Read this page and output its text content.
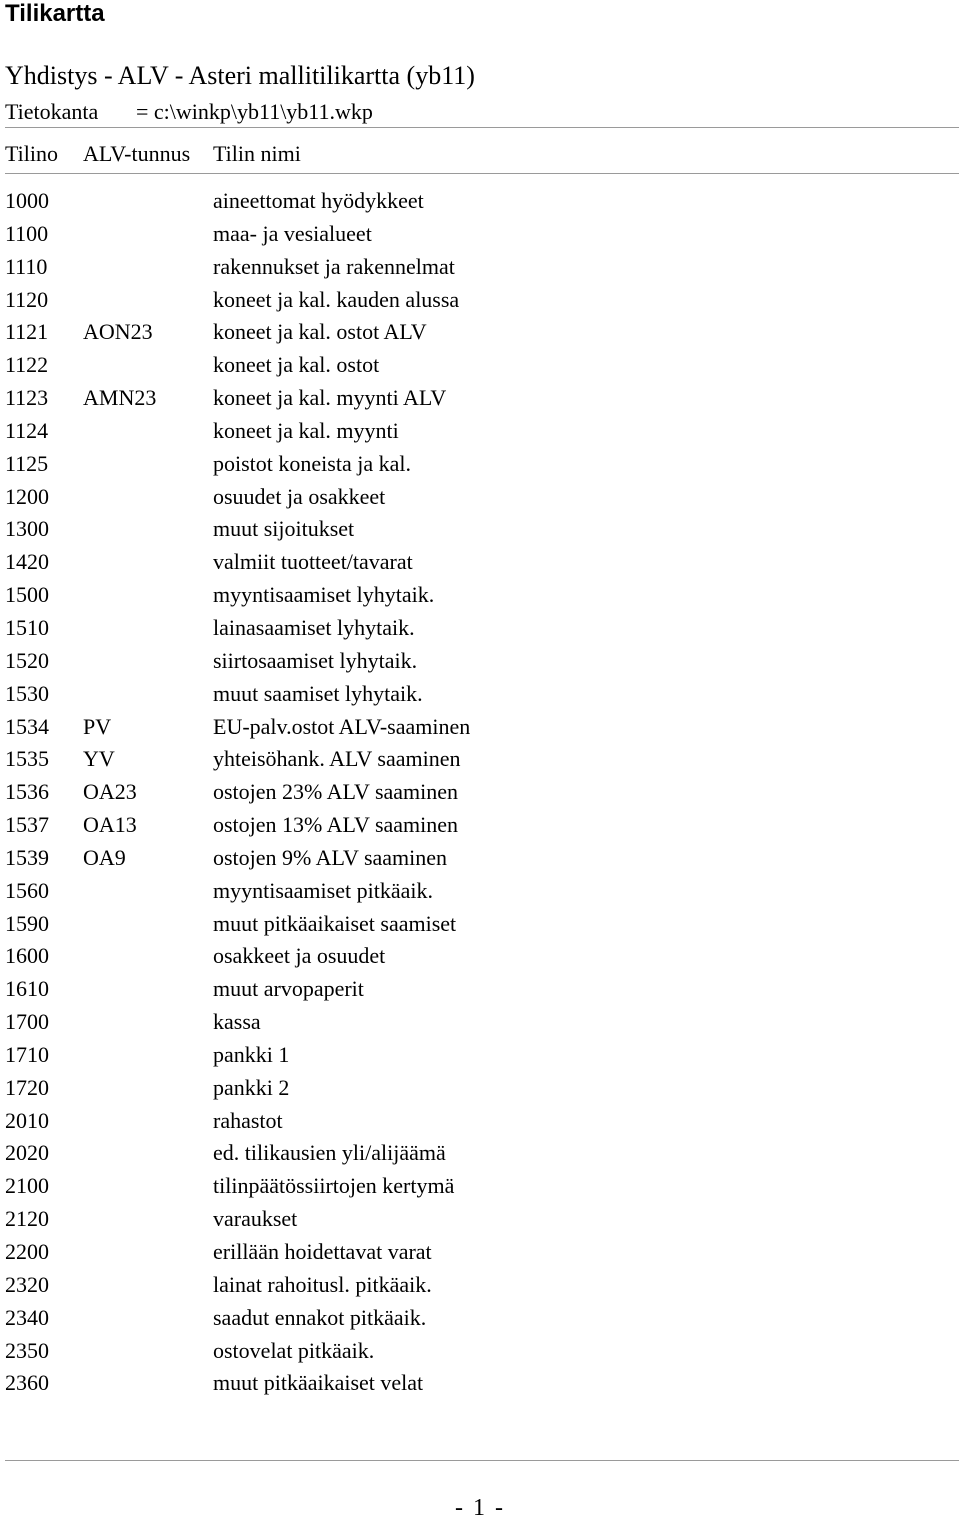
Tilikartta
Yhdistys - ALV - Asteri mallitilikartta (yb11)
Tietokanta = c:\winkp\yb11\yb11.wkp
Tilino ALV-tunnus Tilin nimi
1000	aineettomat hyödykkeet
1100	maa- ja vesialueet
1110	rakennukset ja rakennelmat
1120	koneet ja kal. kauden alussa
1121 AON23	koneet ja kal. ostot ALV
1122	koneet ja kal. ostot
1123 AMN23	koneet ja kal. myynti ALV
1124	koneet ja kal. myynti
1125	poistot koneista ja kal.
1200	osuudet ja osakkeet
1300	muut sijoitukset
1420	valmiit tuotteet/tavarat
1500	myyntisaamiset lyhytaik.
1510	lainasaamiset lyhytaik.
1520	siirtosaamiset lyhytaik.
1530	muut saamiset lyhytaik.
1534 PV	EU-palv.ostot ALV-saaminen
1535 YV	yhteisöhank. ALV saaminen
1536 OA23	ostojen 23% ALV saaminen
1537 OA13	ostojen 13% ALV saaminen
1539 OA9	ostojen 9% ALV saaminen
1560	myyntisaamiset pitkäaik.
1590	muut pitkäaikaiset saamiset
1600	osakkeet ja osuudet
1610	muut arvopaperit
1700	kassa
1710	pankki 1
1720	pankki 2
2010	rahastot
2020	ed. tilikausien yli/alijäämä
2100	tilinpäätössiirtojen kertymä
2120	varaukset
2200	erillään hoidettavat varat
2320	lainat rahoitusl. pitkäaik.
2340	saadut ennakot pitkäaik.
2350	ostovelat pitkäaik.
2360	muut pitkäaikaiset velat
- 1 -
